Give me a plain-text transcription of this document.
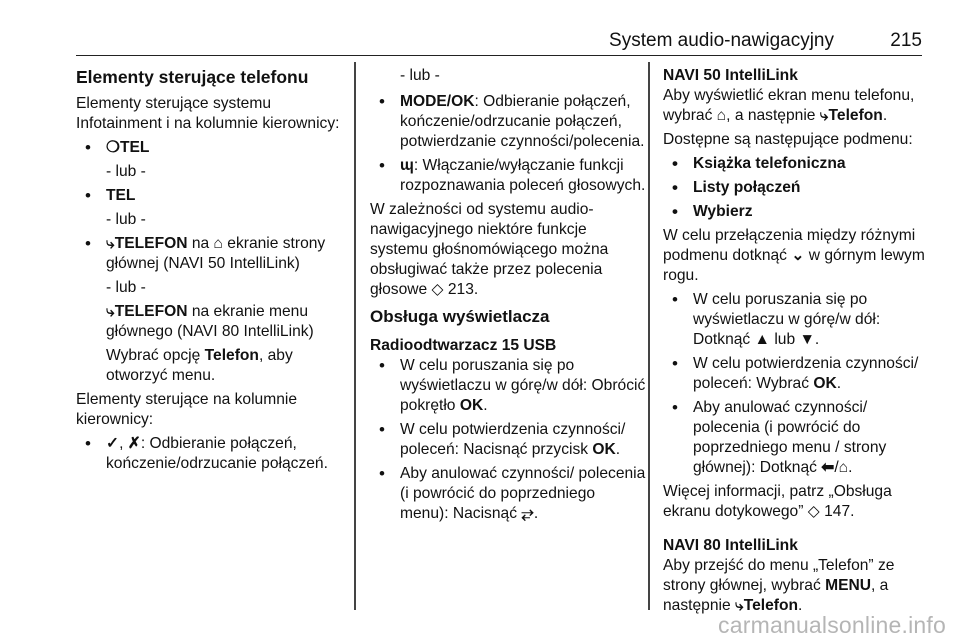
System audio-nawigacyjny	215
Elementy sterujące telefonu

Elementy sterujące systemu Infotainment i na kolumnie kierownicy:

• ❍TEL
- lub -
• TEL
- lub -
• ⤷TELEFON na ⌂ ekranie strony głównej (NAVI 50 IntelliLink)
- lub -
⤷TELEFON na ekranie menu głównego (NAVI 80 IntelliLink)
Wybrać opcję Telefon, aby otworzyć menu.

Elementy sterujące na kolumnie kierownicy:

• ✓, ✗: Odbieranie połączeń, kończenie/odrzucanie połączeń.

- lub -

• MODE/OK: Odbieranie połączeń, kończenie/odrzucanie połączeń, potwierdzanie czynności/polecenia.
• ɰ: Włączanie/wyłączanie funkcji rozpoznawania poleceń głosowych.

W zależności od systemu audio-nawigacyjnego niektóre funkcje systemu głośnomówiącego można obsługiwać także przez polecenia głosowe ◇ 213.

Obsługa wyświetlacza
Radioodtwarzacz 15 USB
• W celu poruszania się po wyświetlaczu w górę/w dół: Obrócić pokrętło OK.
• W celu potwierdzenia czynności/ poleceń: Nacisnąć przycisk OK.
• Aby anulować czynności/ polecenia (i powrócić do poprzedniego menu): Nacisnąć ⥂.
NAVI 50 IntelliLink

Aby wyświetlić ekran menu telefonu, wybrać ⌂, a następnie ⤷Telefon.

Dostępne są następujące podmenu:

• Książka telefoniczna
• Listy połączeń
• Wybierz

W celu przełączenia między różnymi podmenu dotknąć ⌄ w górnym lewym rogu.

• W celu poruszania się po wyświetlaczu w górę/w dół: Dotknąć ▲ lub ▼.
• W celu potwierdzenia czynności/ poleceń: Wybrać OK.
• Aby anulować czynności/ polecenia (i powrócić do poprzedniego menu / strony głównej): Dotknąć ⬅/⌂.

Więcej informacji, patrz „Obsługa ekranu dotykowego” ◇ 147.

NAVI 80 IntelliLink

Aby przejść do menu „Telefon” ze strony głównej, wybrać MENU, a następnie ⤷Telefon.

carmanualsonline.info
